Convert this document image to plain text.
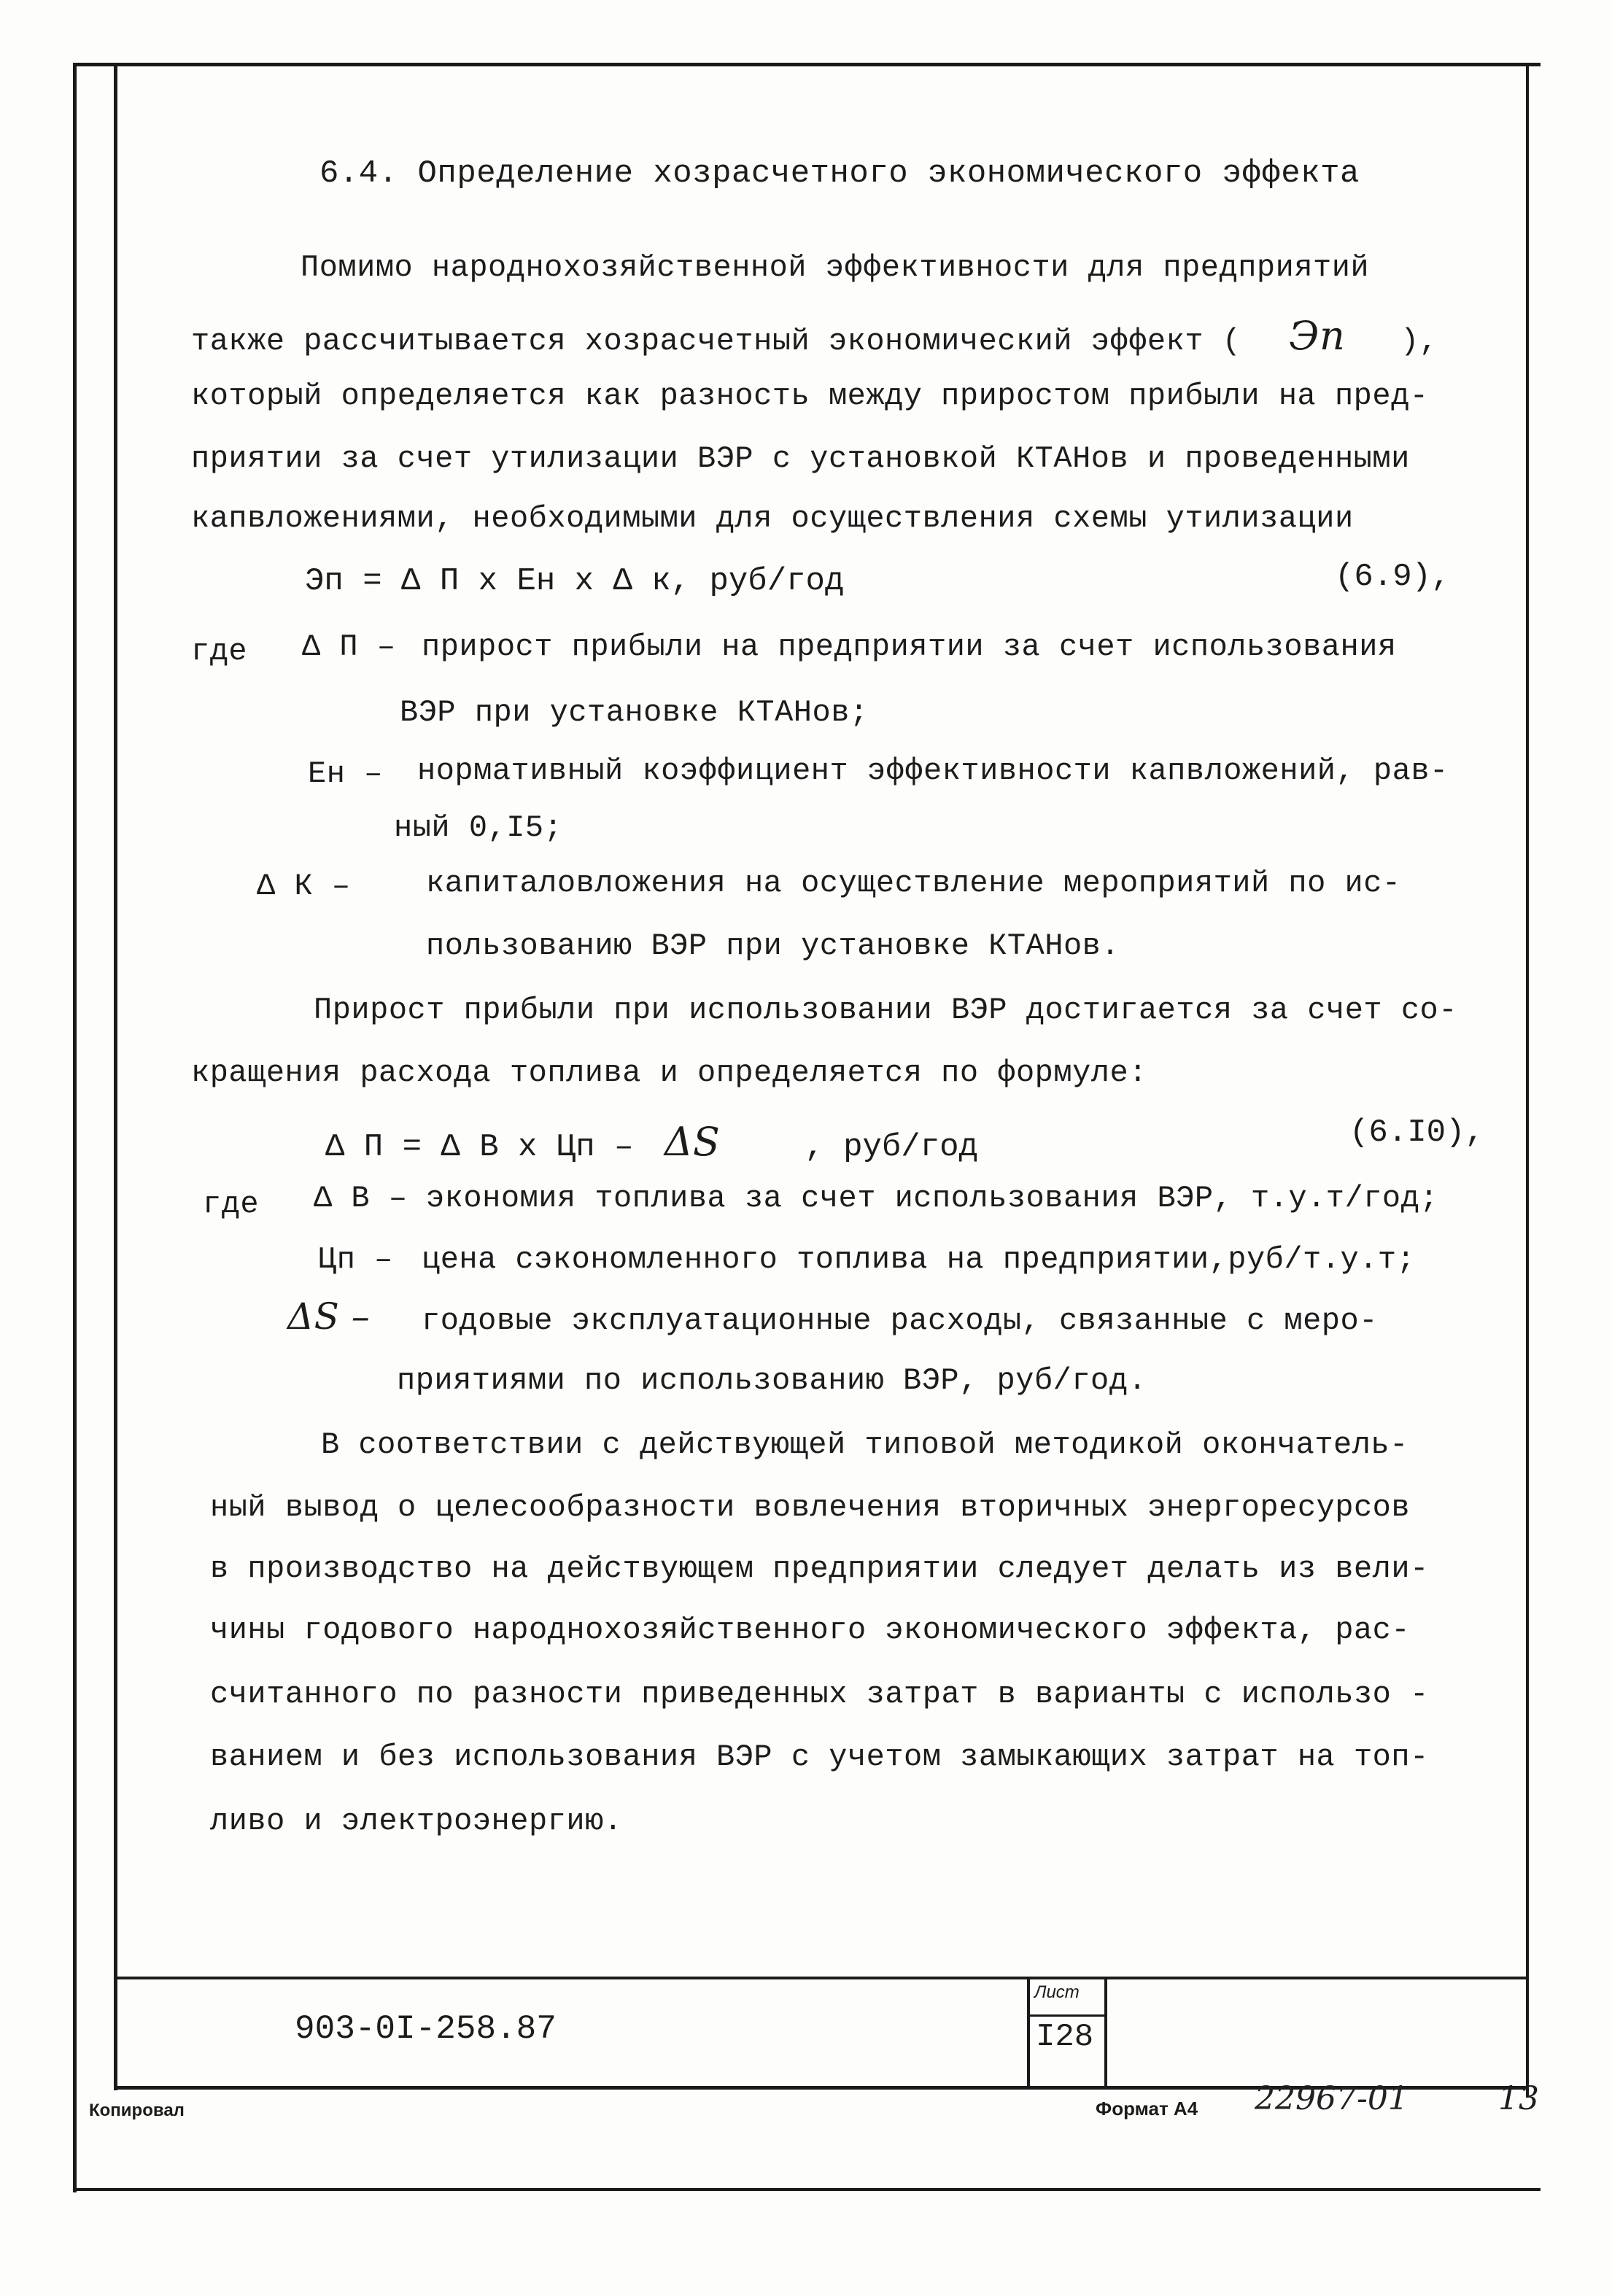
6.4. Определение хозрасчетного экономического эффекта
Помимо народнохозяйственной эффективности для предприятий
также рассчитывается хозрасчетный экономический эффект ( Эп ),
который определяется как разность между приростом прибыли на пред-
приятии за счет утилизации ВЭР с установкой КТАНов и проведенными
капвложениями, необходимыми для осуществления схемы утилизации
Эп = Δ П х Ен х Δ к, руб/год	(6.9),
где Δ П – прирост прибыли на предприятии за счет использования
ВЭР при установке КТАНов;
Ен – нормативный коэффициент эффективности капвложений, рав-
ный 0,I5;
Δ К – капиталовложения на осуществление мероприятий по ис-
пользованию ВЭР при установке КТАНов.
Прирост прибыли при использовании ВЭР достигается за счет со-
кращения расхода топлива и определяется по формуле:
Δ П = Δ В х Цп – ΔS	, руб/год	(6.I0),
где Δ В – экономия топлива за счет использования ВЭР, т.у.т/год;
Цп – цена сэкономленного топлива на предприятии,руб/т.у.т;
ΔS – годовые эксплуатационные расходы, связанные с меро-
приятиями по использованию ВЭР, руб/год.
В соответствии с действующей типовой методикой окончатель-
ный вывод о целесообразности вовлечения вторичных энергоресурсов
в производство на действующем предприятии следует делать из вели-
чины годового народнохозяйственного экономического эффекта, рас-
считанного по разности приведенных затрат в варианты с использо -
ванием и без использования ВЭР с учетом замыкающих затрат на топ-
ливо и электроэнергию.
903-0I-258.87
Лист
I28
Копировал	Формат А4 22967-01	13
